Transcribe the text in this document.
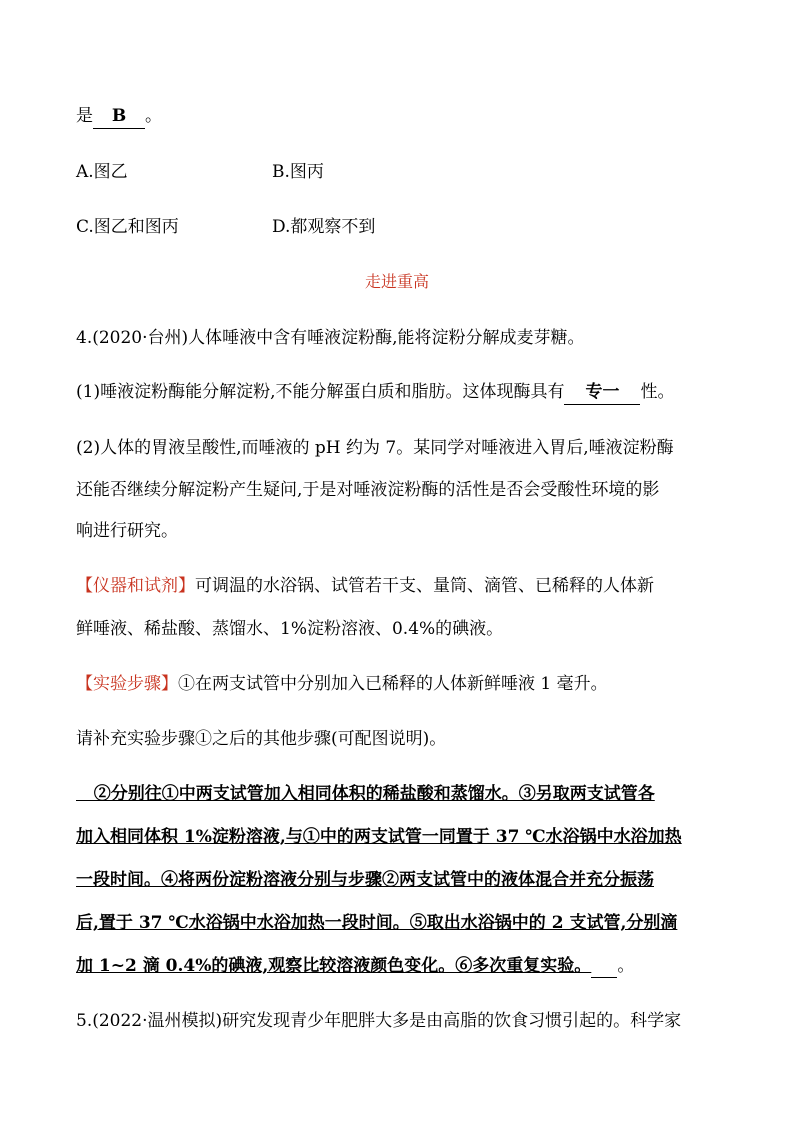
是 B 。
A.图乙	B.图丙
C.图乙和图丙	D.都观察不到
走进重高
4.(2020·台州)人体唾液中含有唾液淀粉酶,能将淀粉分解成麦芽糖。
(1)唾液淀粉酶能分解淀粉,不能分解蛋白质和脂肪。这体现酶具有 专一 性。
(2)人体的胃液呈酸性,而唾液的 pH 约为 7。某同学对唾液进入胃后,唾液淀粉酶
还能否继续分解淀粉产生疑问,于是对唾液淀粉酶的活性是否会受酸性环境的影
响进行研究。
【仪器和试剂】可调温的水浴锅、试管若干支、量筒、滴管、已稀释的人体新
鲜唾液、稀盐酸、蒸馏水、1%淀粉溶液、0.4%的碘液。
【实验步骤】①在两支试管中分别加入已稀释的人体新鲜唾液 1 毫升。
请补充实验步骤①之后的其他步骤(可配图说明)。
②分别往①中两支试管加入相同体积的稀盐酸和蒸馏水。③另取两支试管各
加入相同体积 1%淀粉溶液,与①中的两支试管一同置于 37 ℃水浴锅中水浴加热
一段时间。④将两份淀粉溶液分别与步骤②两支试管中的液体混合并充分振荡
后,置于 37 ℃水浴锅中水浴加热一段时间。⑤取出水浴锅中的 2 支试管,分别滴
加 1~2 滴 0.4%的碘液,观察比较溶液颜色变化。⑥多次重复实验。 。
5.(2022·温州模拟)研究发现青少年肥胖大多是由高脂的饮食习惯引起的。科学家
